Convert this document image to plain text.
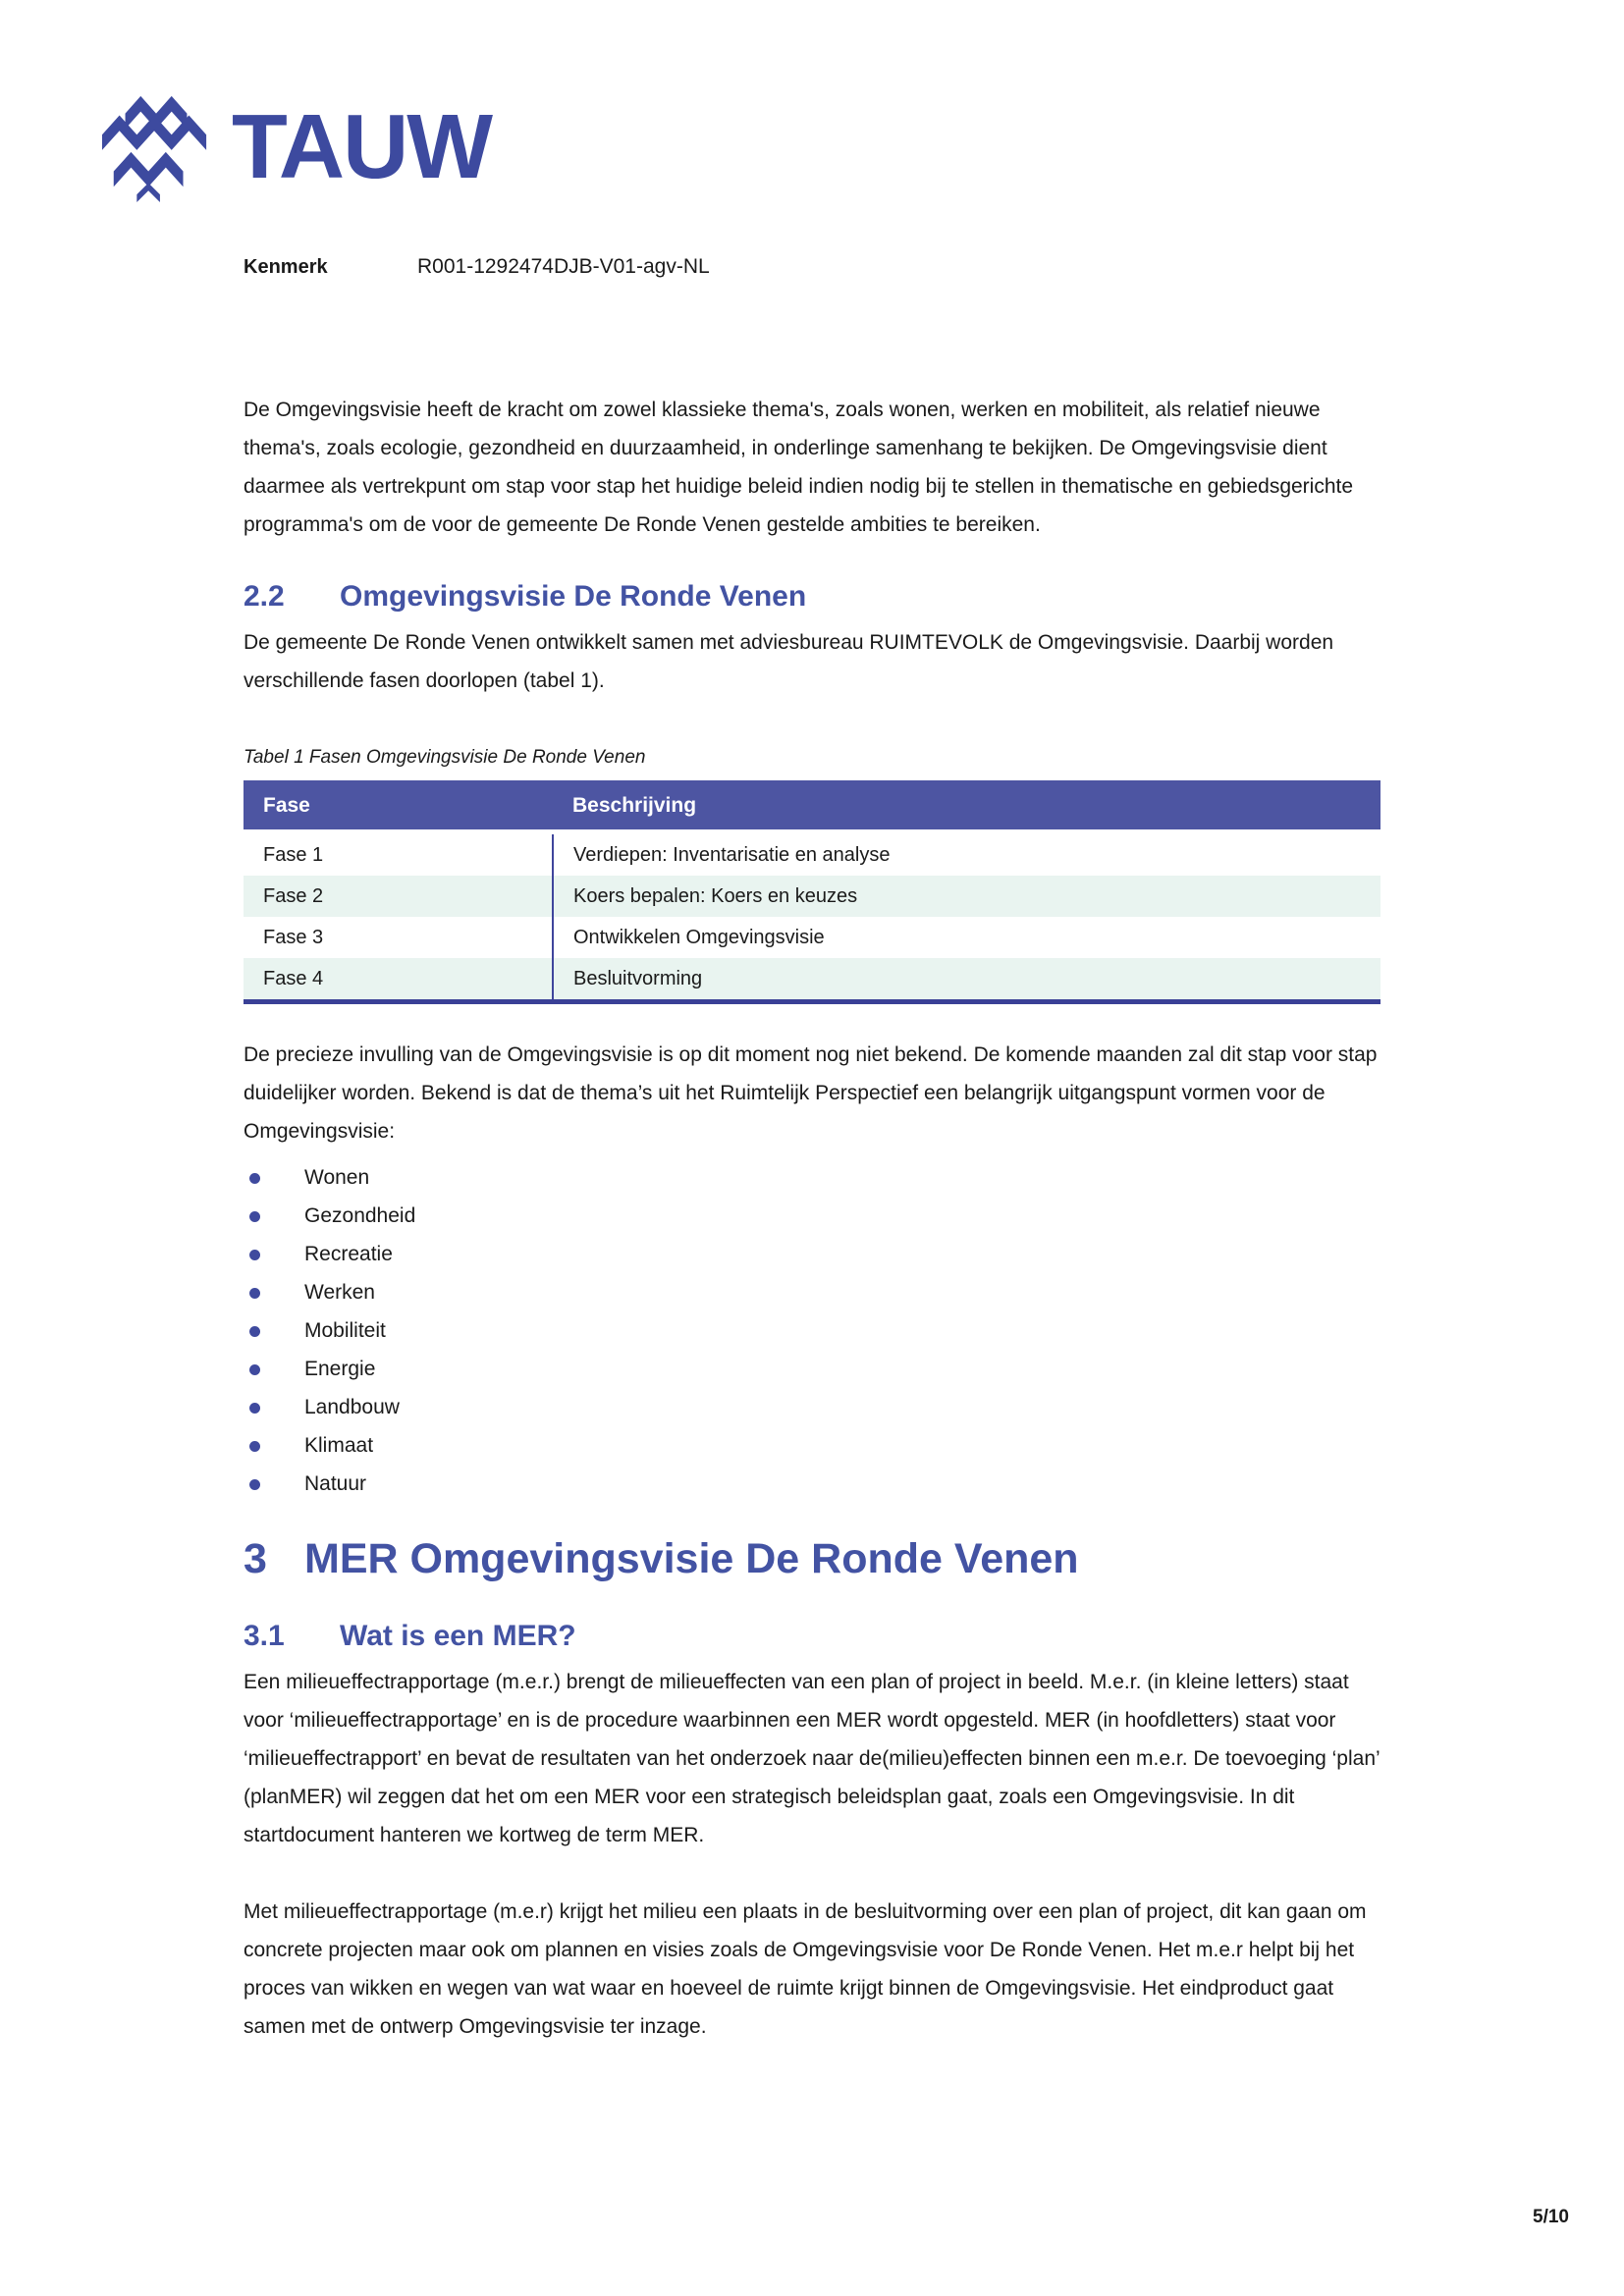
TAUW
Kenmerk	R001-1292474DJB-V01-agv-NL

De Omgevingsvisie heeft de kracht om zowel klassieke thema's, zoals wonen, werken en mobiliteit, als relatief nieuwe thema's, zoals ecologie, gezondheid en duurzaamheid, in onderlinge samenhang te bekijken. De Omgevingsvisie dient daarmee als vertrekpunt om stap voor stap het huidige beleid indien nodig bij te stellen in thematische en gebiedsgerichte programma's om de voor de gemeente De Ronde Venen gestelde ambities te bereiken.

2.2	Omgevingsvisie De Ronde Venen

De gemeente De Ronde Venen ontwikkelt samen met adviesbureau RUIMTEVOLK de Omgevingsvisie. Daarbij worden verschillende fasen doorlopen (tabel 1).

Tabel 1 Fasen Omgevingsvisie De Ronde Venen
Fase	Beschrijving
Fase 1	Verdiepen: Inventarisatie en analyse
Fase 2	Koers bepalen: Koers en keuzes
Fase 3	Ontwikkelen Omgevingsvisie
Fase 4	Besluitvorming

De precieze invulling van de Omgevingsvisie is op dit moment nog niet bekend. De komende maanden zal dit stap voor stap duidelijker worden. Bekend is dat de thema’s uit het Ruimtelijk Perspectief een belangrijk uitgangspunt vormen voor de Omgevingsvisie:

Wonen
Gezondheid
Recreatie
Werken
Mobiliteit
Energie
Landbouw
Klimaat
Natuur
3 MER Omgevingsvisie De Ronde Venen
3.1	Wat is een MER?

Een milieueffectrapportage (m.e.r.) brengt de milieueffecten van een plan of project in beeld. M.e.r. (in kleine letters) staat voor ‘milieueffectrapportage’ en is de procedure waarbinnen een MER wordt opgesteld. MER (in hoofdletters) staat voor ‘milieueffectrapport’ en bevat de resultaten van het onderzoek naar de(milieu)effecten binnen een m.e.r. De toevoeging ‘plan’ (planMER) wil zeggen dat het om een MER voor een strategisch beleidsplan gaat, zoals een Omgevingsvisie. In dit startdocument hanteren we kortweg de term MER.

Met milieueffectrapportage (m.e.r) krijgt het milieu een plaats in de besluitvorming over een plan of project, dit kan gaan om concrete projecten maar ook om plannen en visies zoals de Omgevingsvisie voor De Ronde Venen. Het m.e.r helpt bij het proces van wikken en wegen van wat waar en hoeveel de ruimte krijgt binnen de Omgevingsvisie. Het eindproduct gaat samen met de ontwerp Omgevingsvisie ter inzage.

5/10
